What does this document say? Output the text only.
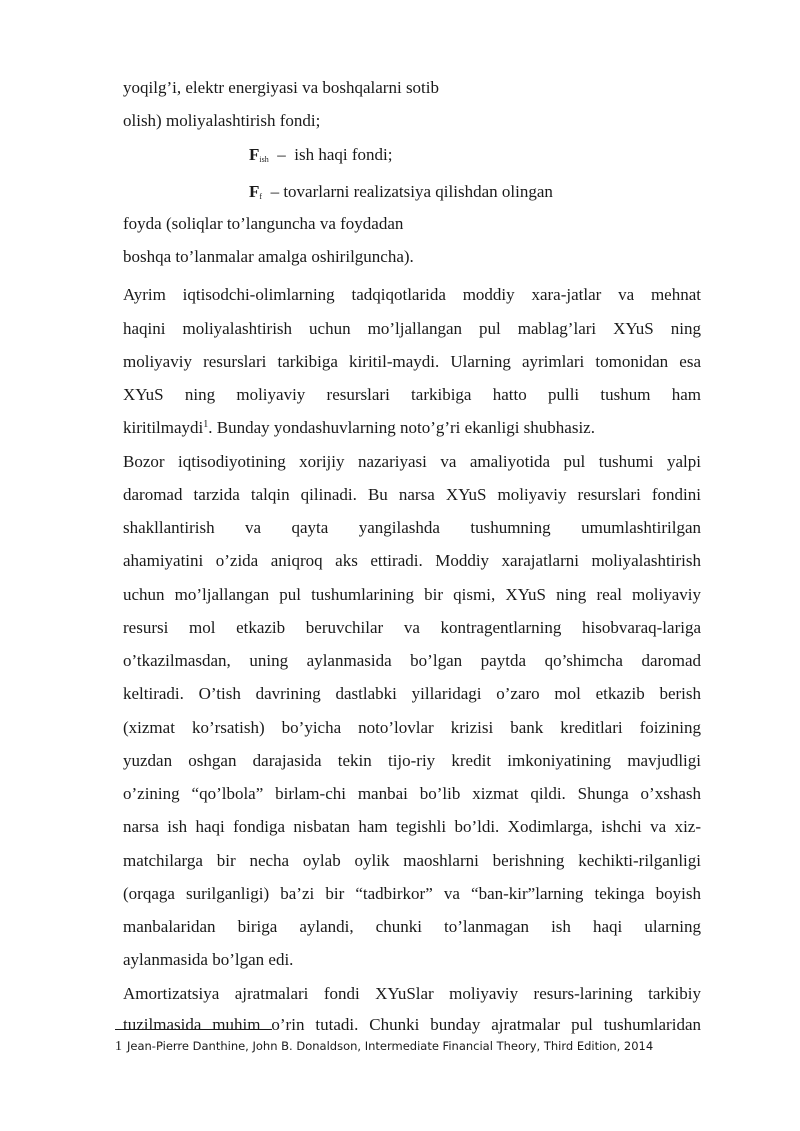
yoqilg’i, elektr energiyasi va boshqalarni sotib
olish) moliyalashtirish fondi;
$F_{ish}$  –  ish haqi fondi;
$F_f$  – tovarlarni realizatsiya qilishdan olingan
foyda (soliqlar to’languncha va foydadan
boshqa to’lanmalar amalga oshirilguncha).
Ayrim iqtisodchi-olimlarning tadqiqotlarida moddiy xara-jatlar va mehnat
haqini moliyalashtirish uchun mo’ljallangan pul mablag’lari XYuS ning
moliyaviy resurslari tarkibiga kiritil-maydi. Ularning ayrimlari tomonidan esa
XYuS ning moliyaviy resurslari tarkibiga hatto pulli tushum ham
kiritilmaydi$^1$. Bunday yondashuvlarning noto’g’ri ekanligi shubhasiz.
Bozor iqtisodiyotining xorijiy nazariyasi va amaliyotida pul tushumi yalpi
daromad tarzida talqin qilinadi. Bu narsa XYuS moliyaviy resurslari fondini
shakllantirish va qayta yangilashda tushumning umumlashtirilgan
ahamiyatini o’zida aniqroq aks ettiradi. Moddiy xarajatlarni moliyalashtirish
uchun mo’ljallangan pul tushumlarining bir qismi, XYuS ning real moliyaviy
resursi mol etkazib beruvchilar va kontragentlarning hisobvaraq-lariga
o’tkazilmasdan, uning aylanmasida bo’lgan paytda qo’shimcha daromad
keltiradi. O’tish davrining dastlabki yillaridagi o’zaro mol etkazib berish
(xizmat ko’rsatish) bo’yicha noto’lovlar krizisi bank kreditlari foizining
yuzdan oshgan darajasida tekin tijo-riy kredit imkoniyatining mavjudligi
o’zining “qo’lbola” birlam-chi manbai bo’lib xizmat qildi. Shunga o’xshash
narsa ish haqi fondiga nisbatan ham tegishli bo’ldi. Xodimlarga, ishchi va xiz-
matchilarga bir necha oylab oylik maoshlarni berishning kechikti-rilganligi
(orqaga surilganligi) ba’zi bir “tadbirkor” va “ban-kir”larning tekinga boyish
manbalaridan biriga aylandi, chunki to’lanmagan ish haqi ularning
aylanmasida bo’lgan edi.
Amortizatsiya ajratmalari fondi XYuSlar moliyaviy resurs-larining tarkibiy
tuzilmasida muhim o’rin tutadi. Chunki bunday ajratmalar pul tushumlaridan
1 Jean-Pierre Danthine, John B. Donaldson, Intermediate Financial Theory, Third Edition, 2014
